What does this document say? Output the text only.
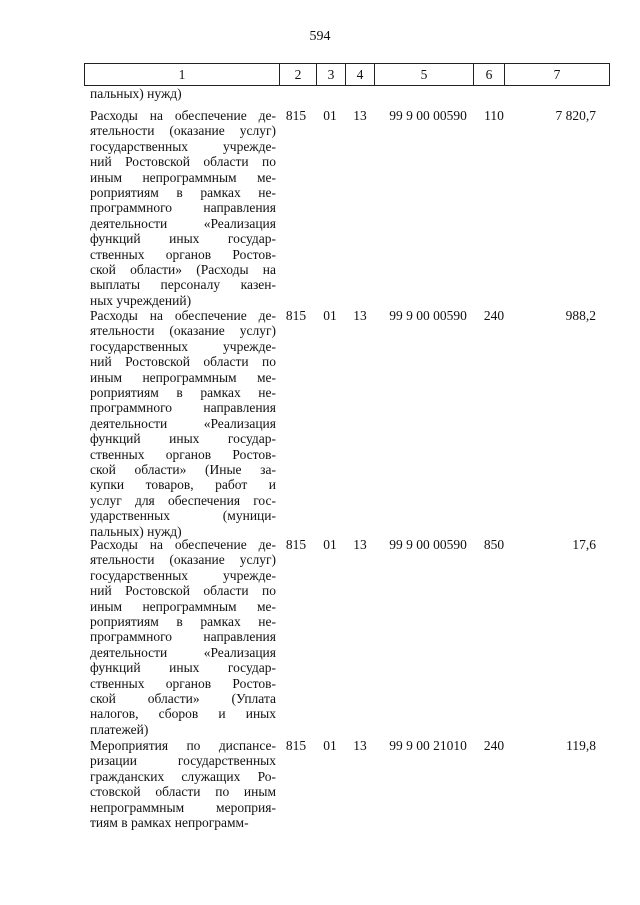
594
1	2	3	4	5	6	7
пальных) нужд)
Расходы на обеспечение де-
ятельности (оказание услуг)
государственных учрежде-
ний Ростовской области по
иным непрограммным ме-
роприятиям в рамках не-
программного направления
деятельности «Реализация
функций иных государ-
ственных органов Ростов-
ской области» (Расходы на
выплаты персоналу казен-
ных учреждений)
815	01	13	99 9 00 00590	110	7 820,7
Расходы на обеспечение де-
ятельности (оказание услуг)
государственных учрежде-
ний Ростовской области по
иным непрограммным ме-
роприятиям в рамках не-
программного направления
деятельности «Реализация
функций иных государ-
ственных органов Ростов-
ской области» (Иные за-
купки товаров, работ и
услуг для обеспечения гос-
ударственных (муници-
пальных) нужд)
815	01	13	99 9 00 00590	240	988,2
Расходы на обеспечение де-
ятельности (оказание услуг)
государственных учрежде-
ний Ростовской области по
иным непрограммным ме-
роприятиям в рамках не-
программного направления
деятельности «Реализация
функций иных государ-
ственных органов Ростов-
ской области» (Уплата
налогов, сборов и иных
платежей)
815	01	13	99 9 00 00590	850	17,6
Мероприятия по диспансе-
ризации государственных
гражданских служащих Ро-
стовской области по иным
непрограммным мероприя-
тиям в рамках непрограмм-
815	01	13	99 9 00 21010	240	119,8
